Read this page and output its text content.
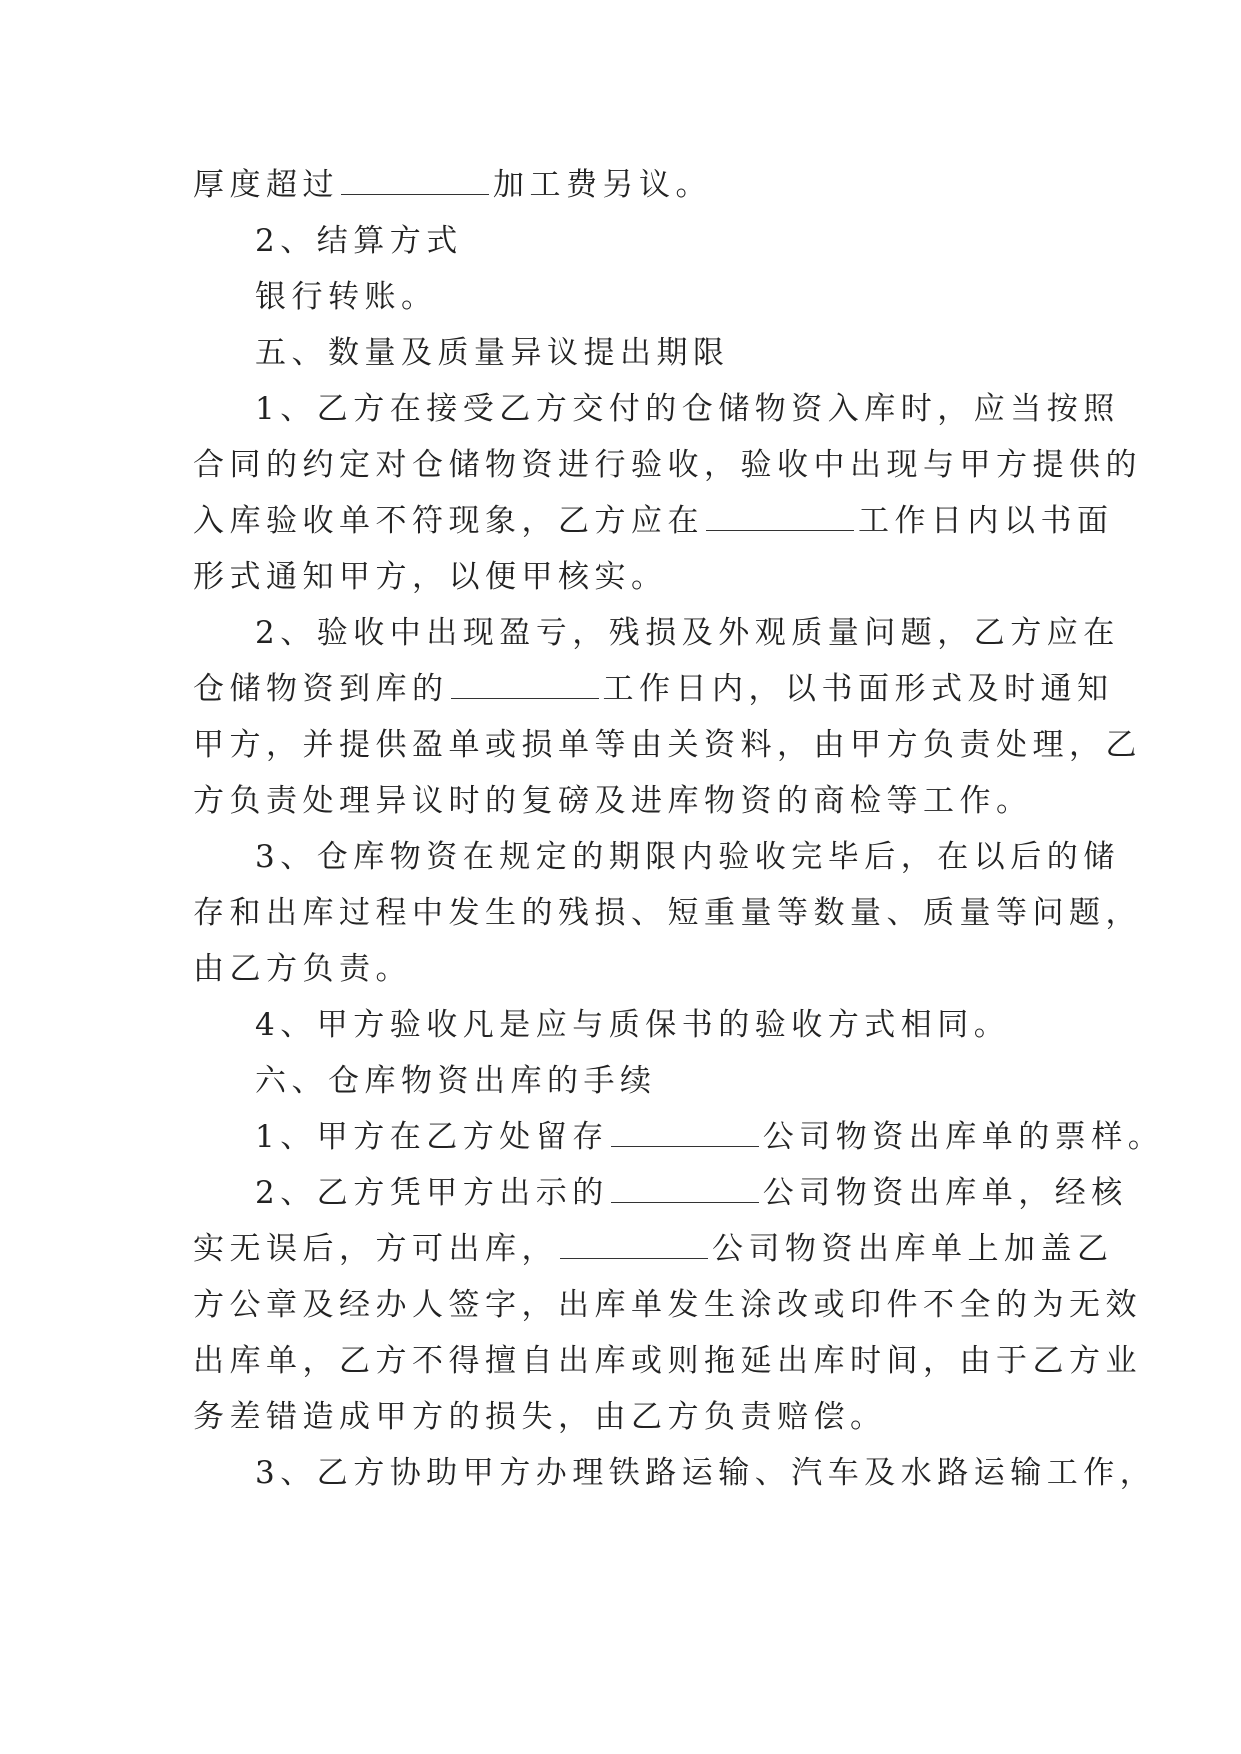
厚度超过	加工费另议。
2、结算方式
银行转账。
五、数量及质量异议提出期限
1、乙方在接受乙方交付的仓储物资入库时，应当按照
合同的约定对仓储物资进行验收，验收中出现与甲方提供的
入库验收单不符现象，乙方应在	工作日内以书面
形式通知甲方，以便甲核实。
2、验收中出现盈亏，残损及外观质量问题，乙方应在
仓储物资到库的	工作日内，以书面形式及时通知
甲方，并提供盈单或损单等由关资料，由甲方负责处理，乙
方负责处理异议时的复磅及进库物资的商检等工作。
3、仓库物资在规定的期限内验收完毕后，在以后的储
存和出库过程中发生的残损、短重量等数量、质量等问题，
由乙方负责。
4、甲方验收凡是应与质保书的验收方式相同。
六、仓库物资出库的手续
1、甲方在乙方处留存	公司物资出库单的票样。
2、乙方凭甲方出示的	公司物资出库单，经核
实无误后，方可出库，	公司物资出库单上加盖乙
方公章及经办人签字，出库单发生涂改或印件不全的为无效
出库单，乙方不得擅自出库或则拖延出库时间，由于乙方业
务差错造成甲方的损失，由乙方负责赔偿。
3、乙方协助甲方办理铁路运输、汽车及水路运输工作，
